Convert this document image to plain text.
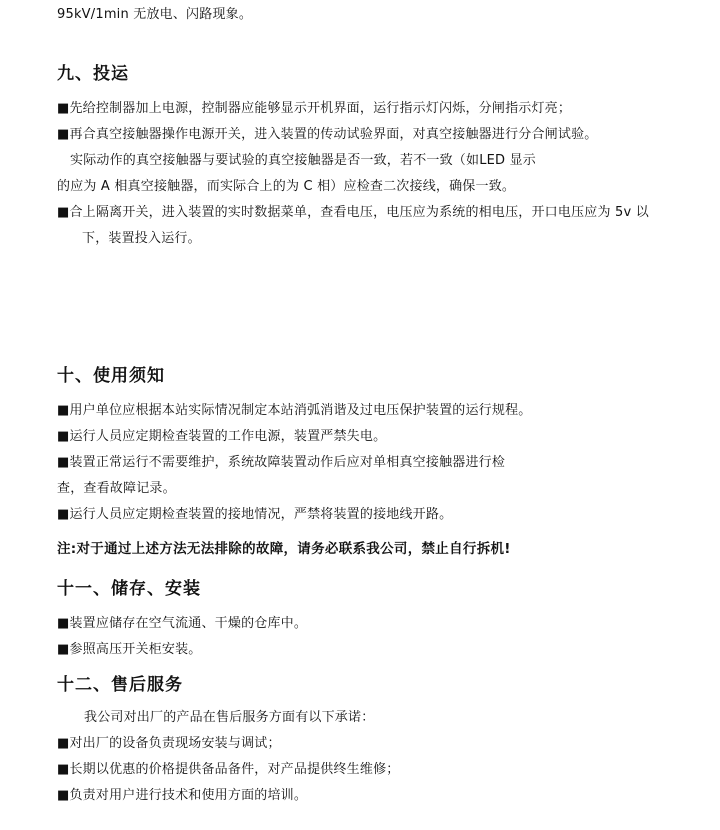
95kV/1min 无放电、闪路现象。
九、投运
■先给控制器加上电源，控制器应能够显示开机界面，运行指示灯闪烁，分闸指示灯亮；
■再合真空接触器操作电源开关，进入装置的传动试验界面，对真空接触器进行分合闸试验。
实际动作的真空接触器与要试验的真空接触器是否一致，若不一致（如LED 显示
的应为 A 相真空接触器，而实际合上的为 C 相）应检查二次接线，确保一致。
■合上隔离开关，进入装置的实时数据菜单，查看电压，电压应为系统的相电压，开口电压应为 5v 以
下，装置投入运行。
十、使用须知
■用户单位应根据本站实际情况制定本站消弧消谐及过电压保护装置的运行规程。
■运行人员应定期检查装置的工作电源，装置严禁失电。
■装置正常运行不需要维护，系统故障装置动作后应对单相真空接触器进行检
查，查看故障记录。
■运行人员应定期检查装置的接地情况，严禁将装置的接地线开路。
注:对于通过上述方法无法排除的故障，请务必联系我公司，禁止自行拆机!
十一、储存、安装
■装置应储存在空气流通、干燥的仓库中。
■参照高压开关柜安装。
十二、售后服务
我公司对出厂的产品在售后服务方面有以下承诺：
■对出厂的设备负责现场安装与调试；
■长期以优惠的价格提供备品备件，对产品提供终生维修；
■负责对用户进行技术和使用方面的培训。
